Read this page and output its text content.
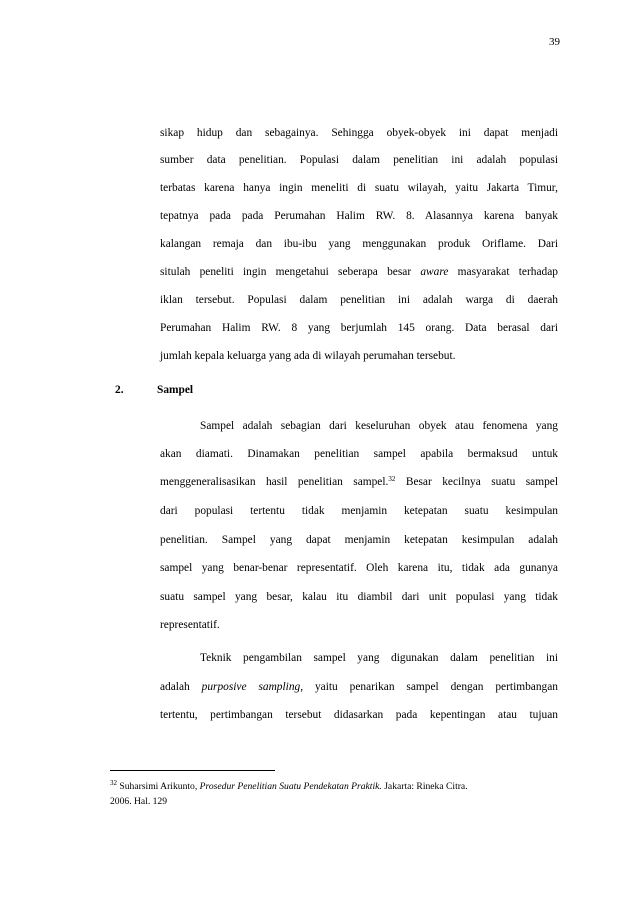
39
sikap hidup dan sebagainya. Sehingga obyek-obyek ini dapat menjadi
sumber data penelitian. Populasi dalam penelitian ini adalah populasi
terbatas karena hanya ingin meneliti di suatu wilayah, yaitu Jakarta Timur,
tepatnya pada pada Perumahan Halim RW. 8. Alasannya karena banyak
kalangan remaja dan ibu-ibu yang menggunakan produk Oriflame. Dari
situlah peneliti ingin mengetahui seberapa besar aware masyarakat terhadap
iklan tersebut. Populasi dalam penelitian ini adalah warga di daerah
Perumahan Halim RW. 8 yang berjumlah 145 orang. Data berasal dari
jumlah kepala keluarga yang ada di wilayah perumahan tersebut.
2.	Sampel
Sampel adalah sebagian dari keseluruhan obyek atau fenomena yang
akan diamati. Dinamakan penelitian sampel apabila bermaksud untuk
menggeneralisasikan hasil penelitian sampel.$^{32}$ Besar kecilnya suatu sampel
dari populasi tertentu tidak menjamin ketepatan suatu kesimpulan
penelitian. Sampel yang dapat menjamin ketepatan kesimpulan adalah
sampel yang benar-benar representatif. Oleh karena itu, tidak ada gunanya
suatu sampel yang besar, kalau itu diambil dari unit populasi yang tidak
representatif.
Teknik pengambilan sampel yang digunakan dalam penelitian ini
adalah purposive sampling, yaitu penarikan sampel dengan pertimbangan
tertentu, pertimbangan tersebut didasarkan pada kepentingan atau tujuan
$^{32}$ Suharsimi Arikunto, Prosedur Penelitian Suatu Pendekatan Praktik. Jakarta: Rineka Citra.
2006. Hal. 129
